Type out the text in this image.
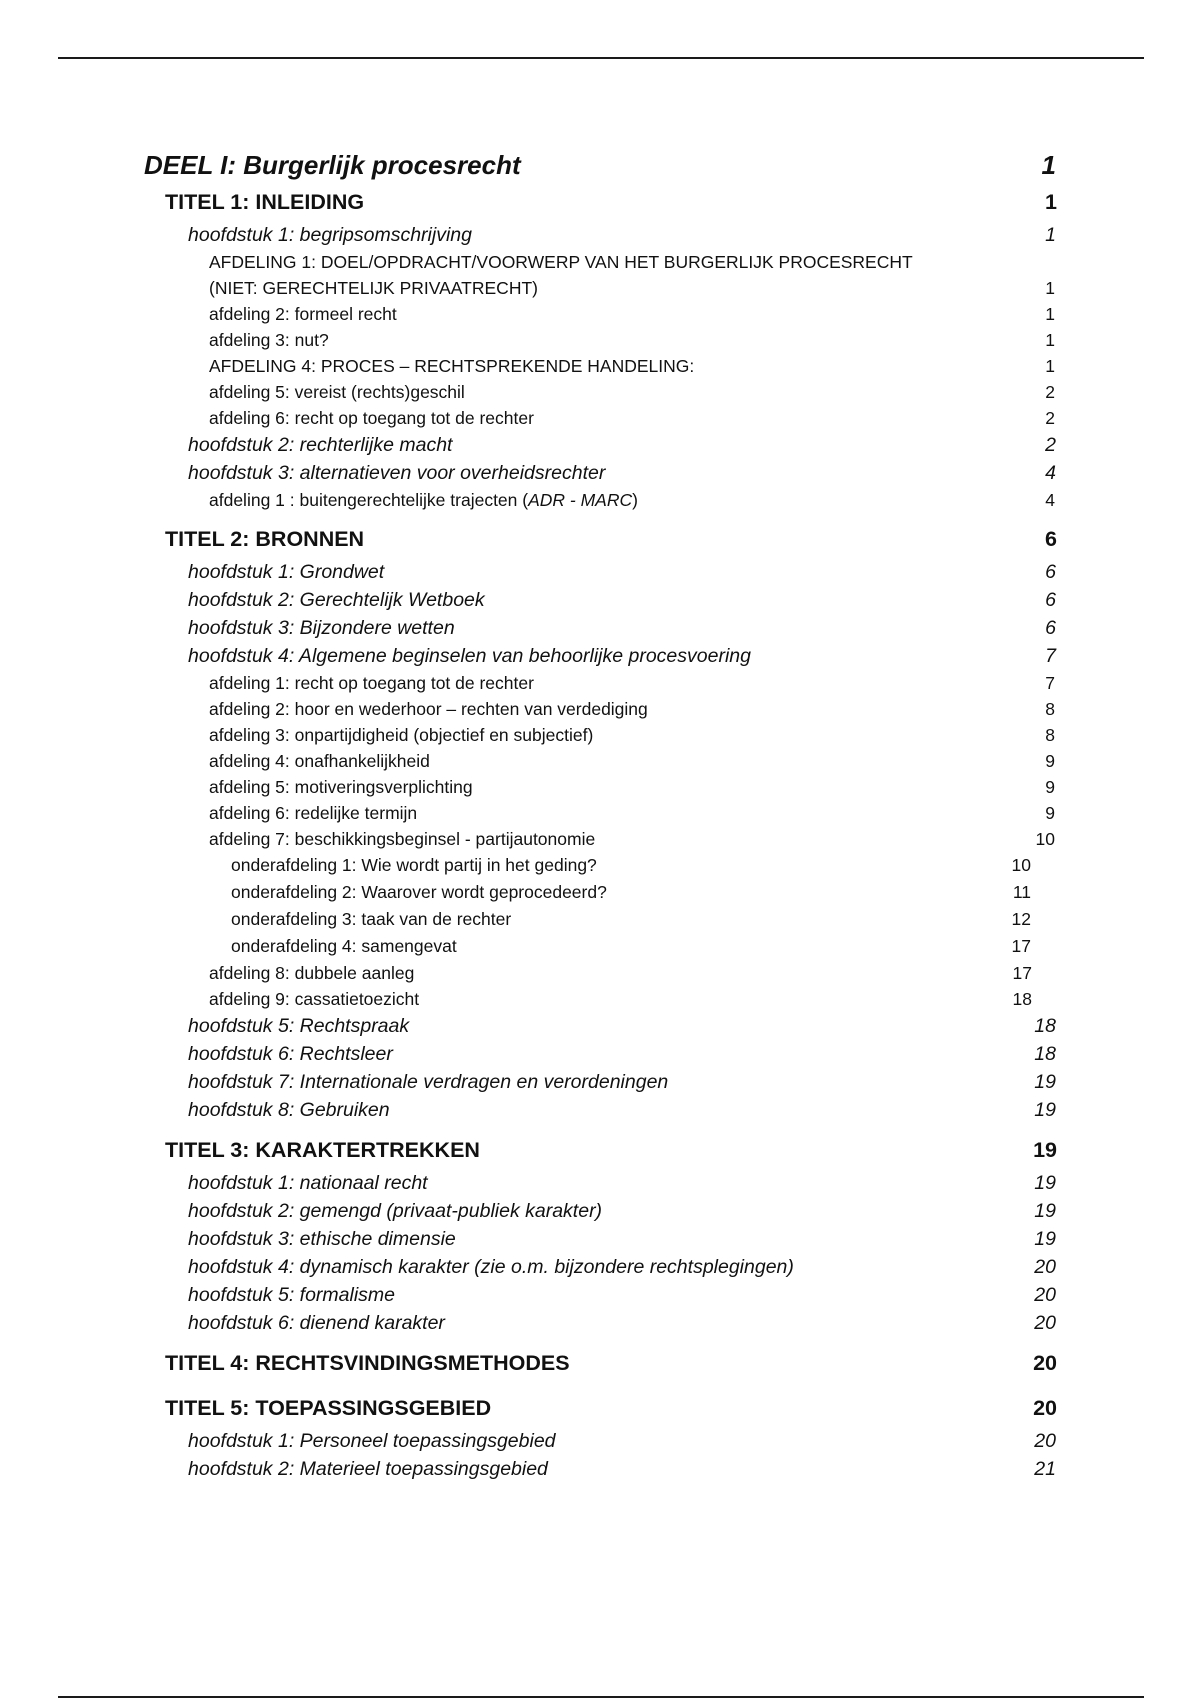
DEEL I: Burgerlijk procesrecht	1
TITEL 1: INLEIDING	1
hoofdstuk 1: begripsomschrijving	1
AFDELING 1: DOEL/OPDRACHT/VOORWERP VAN HET BURGERLIJK PROCESRECHT
(NIET: GERECHTELIJK PRIVAATRECHT)	1
afdeling 2: formeel recht	1
afdeling 3: nut?	1
AFDELING 4: PROCES – RECHTSPREKENDE HANDELING:	1
afdeling 5: vereist (rechts)geschil	2
afdeling 6: recht op toegang tot de rechter	2
hoofdstuk 2: rechterlijke macht	2
hoofdstuk 3: alternatieven voor overheidsrechter	4
afdeling 1 : buitengerechtelijke trajecten (ADR - MARC)	4
TITEL 2: BRONNEN	6
hoofdstuk 1: Grondwet	6
hoofdstuk 2: Gerechtelijk Wetboek	6
hoofdstuk 3: Bijzondere wetten	6
hoofdstuk 4: Algemene beginselen van behoorlijke procesvoering	7
afdeling 1: recht op toegang tot de rechter	7
afdeling 2: hoor en wederhoor – rechten van verdediging	8
afdeling 3: onpartijdigheid (objectief en subjectief)	8
afdeling 4: onafhankelijkheid	9
afdeling 5: motiveringsverplichting	9
afdeling 6: redelijke termijn	9
afdeling 7: beschikkingsbeginsel - partijautonomie	10
onderafdeling 1: Wie wordt partij in het geding?	10
onderafdeling 2: Waarover wordt geprocedeerd?	11
onderafdeling 3: taak van de rechter	12
onderafdeling 4: samengevat	17
afdeling 8: dubbele aanleg	17
afdeling 9: cassatietoezicht	18
hoofdstuk 5: Rechtspraak	18
hoofdstuk 6: Rechtsleer	18
hoofdstuk 7: Internationale verdragen en verordeningen	19
hoofdstuk 8: Gebruiken	19
TITEL 3: KARAKTERTREKKEN	19
hoofdstuk 1: nationaal recht	19
hoofdstuk 2: gemengd (privaat-publiek karakter)	19
hoofdstuk 3: ethische dimensie	19
hoofdstuk 4: dynamisch karakter (zie o.m. bijzondere rechtsplegingen)	20
hoofdstuk 5: formalisme	20
hoofdstuk 6: dienend karakter	20
TITEL 4: RECHTSVINDINGSMETHODES	20
TITEL 5: TOEPASSINGSGEBIED	20
hoofdstuk 1: Personeel toepassingsgebied	20
hoofdstuk 2: Materieel toepassingsgebied	21
